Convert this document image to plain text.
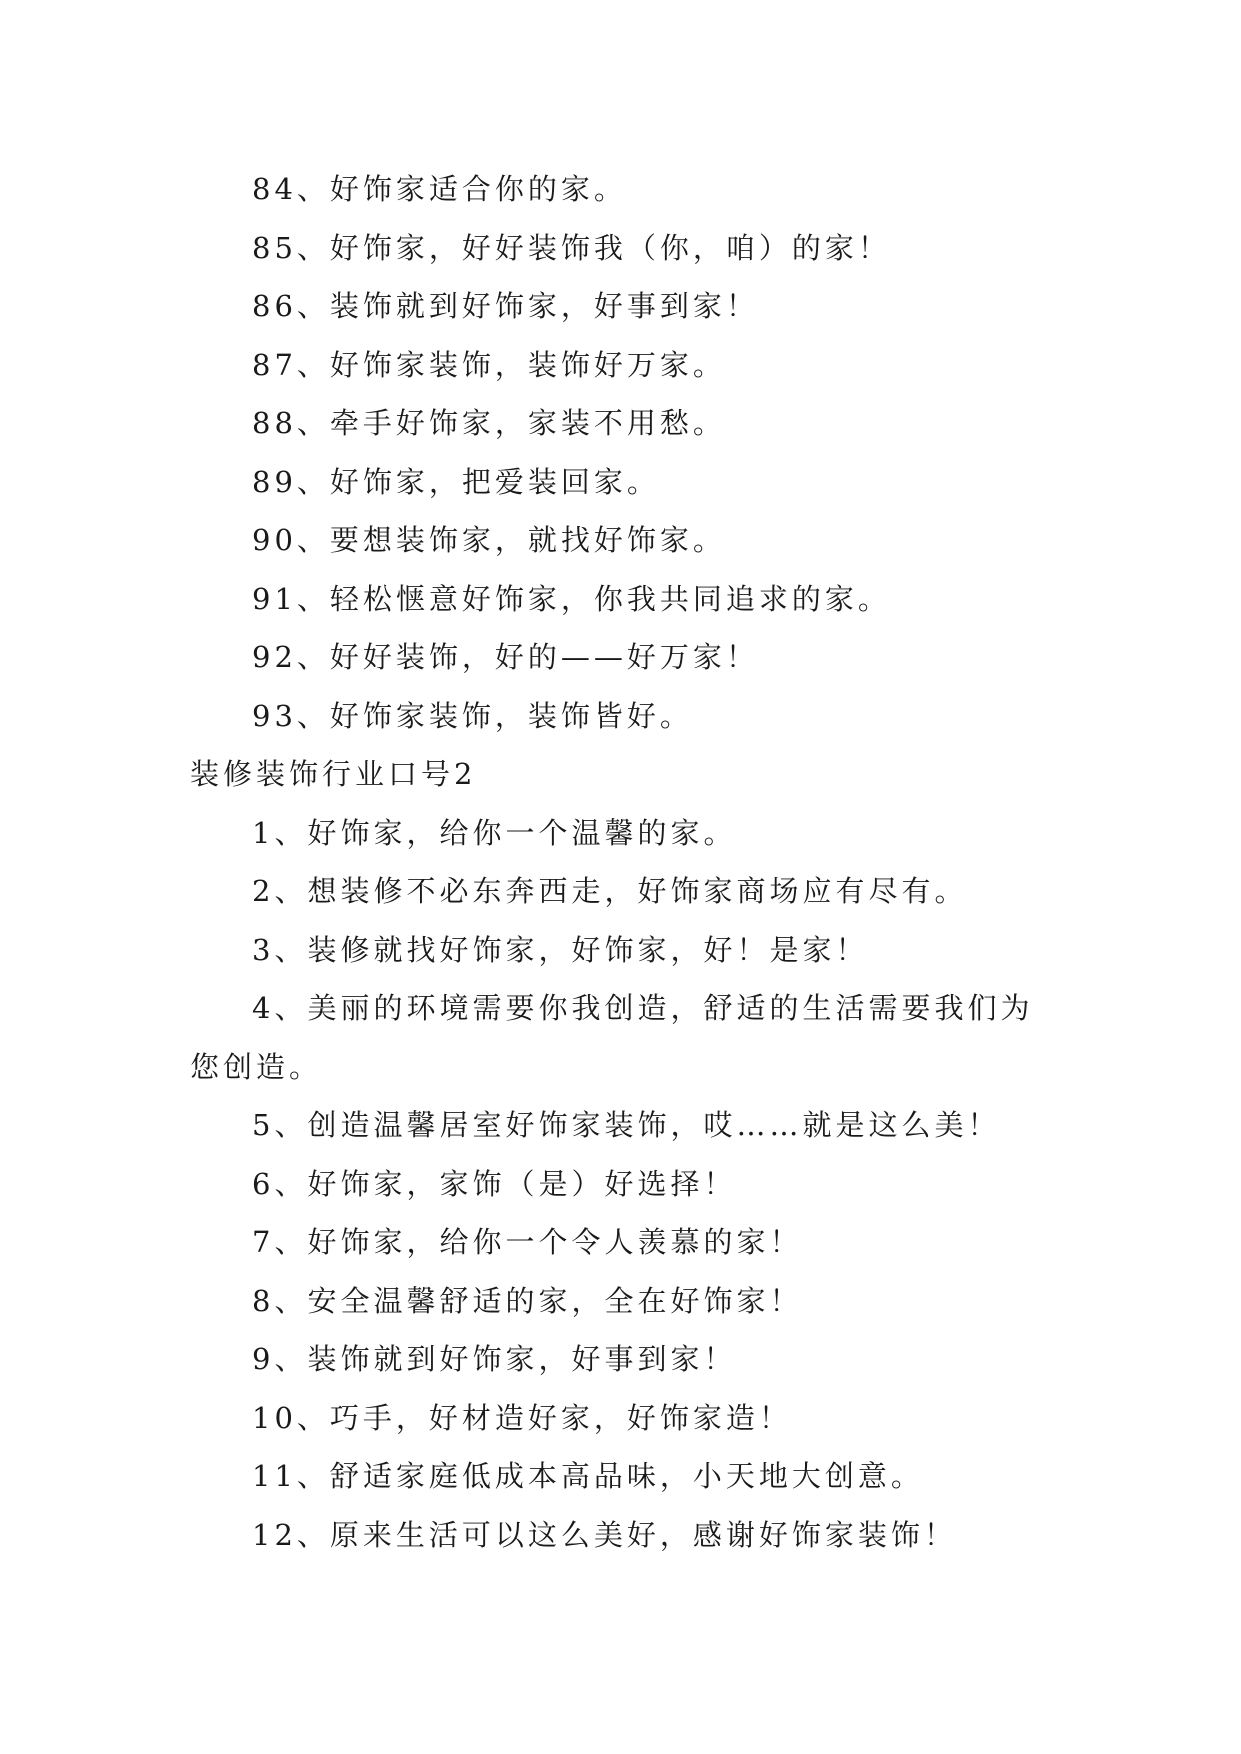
84、好饰家适合你的家。
85、好饰家，好好装饰我（你，咱）的家！
86、装饰就到好饰家，好事到家！
87、好饰家装饰，装饰好万家。
88、牵手好饰家，家装不用愁。
89、好饰家，把爱装回家。
90、要想装饰家，就找好饰家。
91、轻松惬意好饰家，你我共同追求的家。
92、好好装饰，好的——好万家！
93、好饰家装饰，装饰皆好。
装修装饰行业口号2
1、好饰家，给你一个温馨的家。
2、想装修不必东奔西走，好饰家商场应有尽有。
3、装修就找好饰家，好饰家，好！是家！
4、美丽的环境需要你我创造，舒适的生活需要我们为
您创造。
5、创造温馨居室好饰家装饰，哎……就是这么美！
6、好饰家，家饰（是）好选择！
7、好饰家，给你一个令人羡慕的家！
8、安全温馨舒适的家，全在好饰家！
9、装饰就到好饰家，好事到家！
10、巧手，好材造好家，好饰家造！
11、舒适家庭低成本高品味，小天地大创意。
12、原来生活可以这么美好，感谢好饰家装饰！
